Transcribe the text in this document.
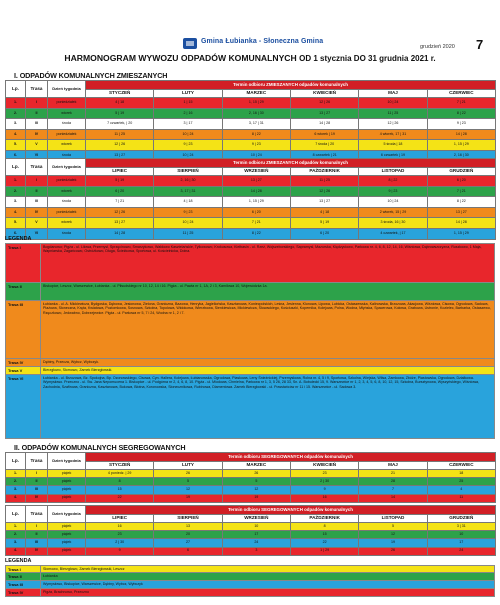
Gmina Łubianka - Słoneczna Gmina
grudzień 2020 7
HARMONOGRAM WYWOZU ODPADÓW KOMUNALNYCH OD 1 stycznia DO 31 grudnia 2021 r.
I. ODPADÓW KOMUNALNYCH ZMIESZANYCH
Lp.	Trasa	Dzień tygodnia	Termin odbioru ZMIESZANYCH odpadów komunalnych					
			STYCZEŃ	LUTY	MARZEC	KWIECIEŃ	MAJ	CZERWIEC
1.	I	poniedziałek	4 | 18	1 | 15	1, 15 | 29	12 | 26	10 | 24	7 | 21
2.	II	wtorek	5 | 19	2 | 16	2, 16 | 30	13 | 27	11 | 25	8 | 22
3.	III	środa	7 czwartek, | 20	3 | 17	3, 17 | 31	14 | 28	12 | 26	9 | 23
4.	IV	poniedziałek	11 | 25	10 | 24	8 | 22	6 wtorek | 19	4 wtorek, 17 | 31	14 | 28
5.	V	wtorek	12 | 26	9 | 23	9 | 23	7 środa | 20	5 środa | 18	1, 15 | 29
6.	VI	środa	13 | 27	10 | 24	10 | 24	8 czwartek | 21	6 czwartek | 19	2, 16 | 30
Lp.	Trasa	Dzień tygodnia	Termin odbioru ZMIESZANYCH odpadów komunalnych					
			LIPIEC	SIERPIEŃ	WRZESIEŃ	PAŹDZIERNIK	LISTOPAD	GRUDZIEŃ
1.	I	poniedziałek	5 | 19	2, 16 | 30	13 | 27	11 | 25	8 | 22	6 | 20
2.	II	wtorek	6 | 20	3, 17 | 31	14 | 28	12 | 26	9 | 23	7 | 21
3.	III	środa	7 | 21	4 | 18	1, 15 | 29	13 | 27	10 | 24	8 | 22
4.	IV	poniedziałek	12 | 26	9 | 23	6 | 20	4 | 18	2 wtorek, 15 | 29	13 | 27
5.	V	wtorek	13 | 27	10 | 24	7 | 21	5 | 19	3 środa, 16 | 30	14 | 28
6.	VI	środa	14 | 28	11 | 25	8 | 22	6 | 20	4 czwartek, | 17	1, 15 | 29
LEGENDA
Trasa I	Bogdanowo; Pigża - ul. Lilowa, Przemysł, Sprzęcinowo, Smarzykowo, Wałdowo Kasztelańskie, Tylkowowo, Krokusowa, Kiełbasin - ul. Rzeź, Wojszeborskiego, Sapramysł, Mazurska, Kiędzyciowo, Parkowa nr. 4, 6, 8, 12, 14, 16, Wiśniowa, Dąbrowszczyzna, Ruszkowo, 1 Maja, Wapniarska, Zagańcowo, Ostróżkowo, Długa, Ścieżkowa, Sportowa, ul. Kościelnicka, Dolna.
Trasa II	Biskupice, Leszcz, Warszewice, Łubianka - ul. Piłsudskiego nr 10, 12, 14 i 16. Pigża - ul. Pawia nr 1, 1A, 2 i 3, Kamilowa 10, Wojewódzka 1a.
Trasa III	Łubianka - ul. A. Mickiewicza, Bydgoska, Dębowa, Jesionowa, Zielona, Graniczna, Bazowa, Henryka, Jagiellońska, Kasztanowa, Koniecpolskich, Leśna, Jesienna, Klonowa, Lipowa, Lubicka, Ostaszewska, Kalinowska, Brzozowa, Akacjowa, Wiśniowa, Cisowa, Ogrodowa, Sadowa, Plażowa, Słoneczna, Kręta, Kwiatowa, Poziomkowa, Sosnowa, Szkolna, Topolowa, Widokowa, Wierzbowa, Sienkiewicza, Mickiewicza, Słowackiego, Kościuszki, Kopernika, Kolejowa, Polna, Wodna, Młyńska, Spacerowa, Kołowa, Grabowa, Ustronie, Kozielec, Barbarka, Ostaszewo, Rzęczkowo, Jedwabno, Dobrzejewice. Pigża - ul. Parkowa nr 5, 7 i 24, Wodna nr 1, 2 i 7.
Trasa IV	Dębiny, Przecza, Wybcz, Wybczyk.
Trasa V	Bierzgłowo, Słomowo, Zamek Bierzgłowski.
Trasa VI	Łubianka - ul. Brzozowa, Bz. Spokojna, Bp. Ozonowskiego, Cisowa, Cyn. Hallera, Kolejowa, Łubianowska, Ogrodowa, Piaskowa, Leny Śnieżnickiej, Przemysłowa, Rolna nr. 4, 5 i 9, Sportowa, Szkolna, Wiejska, Wilsa, Zamkowa, Zbóże, Piastowska, Ogrodowa, Działkowa. Wymysłowo. Przeczno - ul. Sw. Jana Nepomucena 1. Biskupice - ul. Podgórna nr 2, 4, 6, 8, 10. Pigża - ul. Miodowa, Chmielna, Parkowa nr 1, 3, 5 26, 28 33, Sn. A. Bobulecki 15, 9. Warszewice nr 1, 2, 3, 4, 5, 6, 8, 10, 12, 15, Szkolna, Bursztynowa, Wyszyńskiego, Wiśniowa, Zachodnia, Szafirowa, Graniczna, Kasztanowa, Bukowa, Błotna, Koronowska, Słonecznikowa, Rubinowa, Diamentowa. Zamek Bierzgłowski - ul. Powstańców nr 11 i 15. Warszewice - ul. Sadowa 3.
II. ODPADÓW KOMUNALNYCH SEGREGOWANYCH
Lp.	Trasa	Dzień tygodnia	Termin odbioru SEGREGOWANYCH odpadów komunalnych					
			STYCZEŃ	LUTY	MARZEC	KWIECIEŃ	MAJ	CZERWIEC
1.	I	piątek	4 poniedz. | 29	26	26	23	21	18
2.	II	piątek	8	5	5	2 | 30	28	25
3.	III	piątek	15	12	12	9	7	4
4.	IV	piątek	22	19	19	16	14	11
Lp.	Trasa	Dzień tygodnia	Termin odbioru SEGREGOWANYCH odpadów komunalnych					
			LIPIEC	SIERPIEŃ	WRZESIEŃ	PAŹDZIERNIK	LISTOPAD	GRUDZIEŃ
1.	I	piątek	16	13	10	8	5	3 | 31
2.	II	piątek	23	20	17	15	12	10
3.	III	piątek	2 | 30	27	24	22	19	17
4.	IV	piątek	9	6	3	1 | 29	26	24
LEGENDA
Trasa I	Słomowo, Bierzgłowo, Zamek Bierzgłowski, Leszcz
Trasa II	Łubianka
Trasa III	Wymysłowo, Biskupice, Warszewice, Dębiny, Wybcz, Wybczyk
Trasa IV	Pigża, Brachnowo, Przeczno
